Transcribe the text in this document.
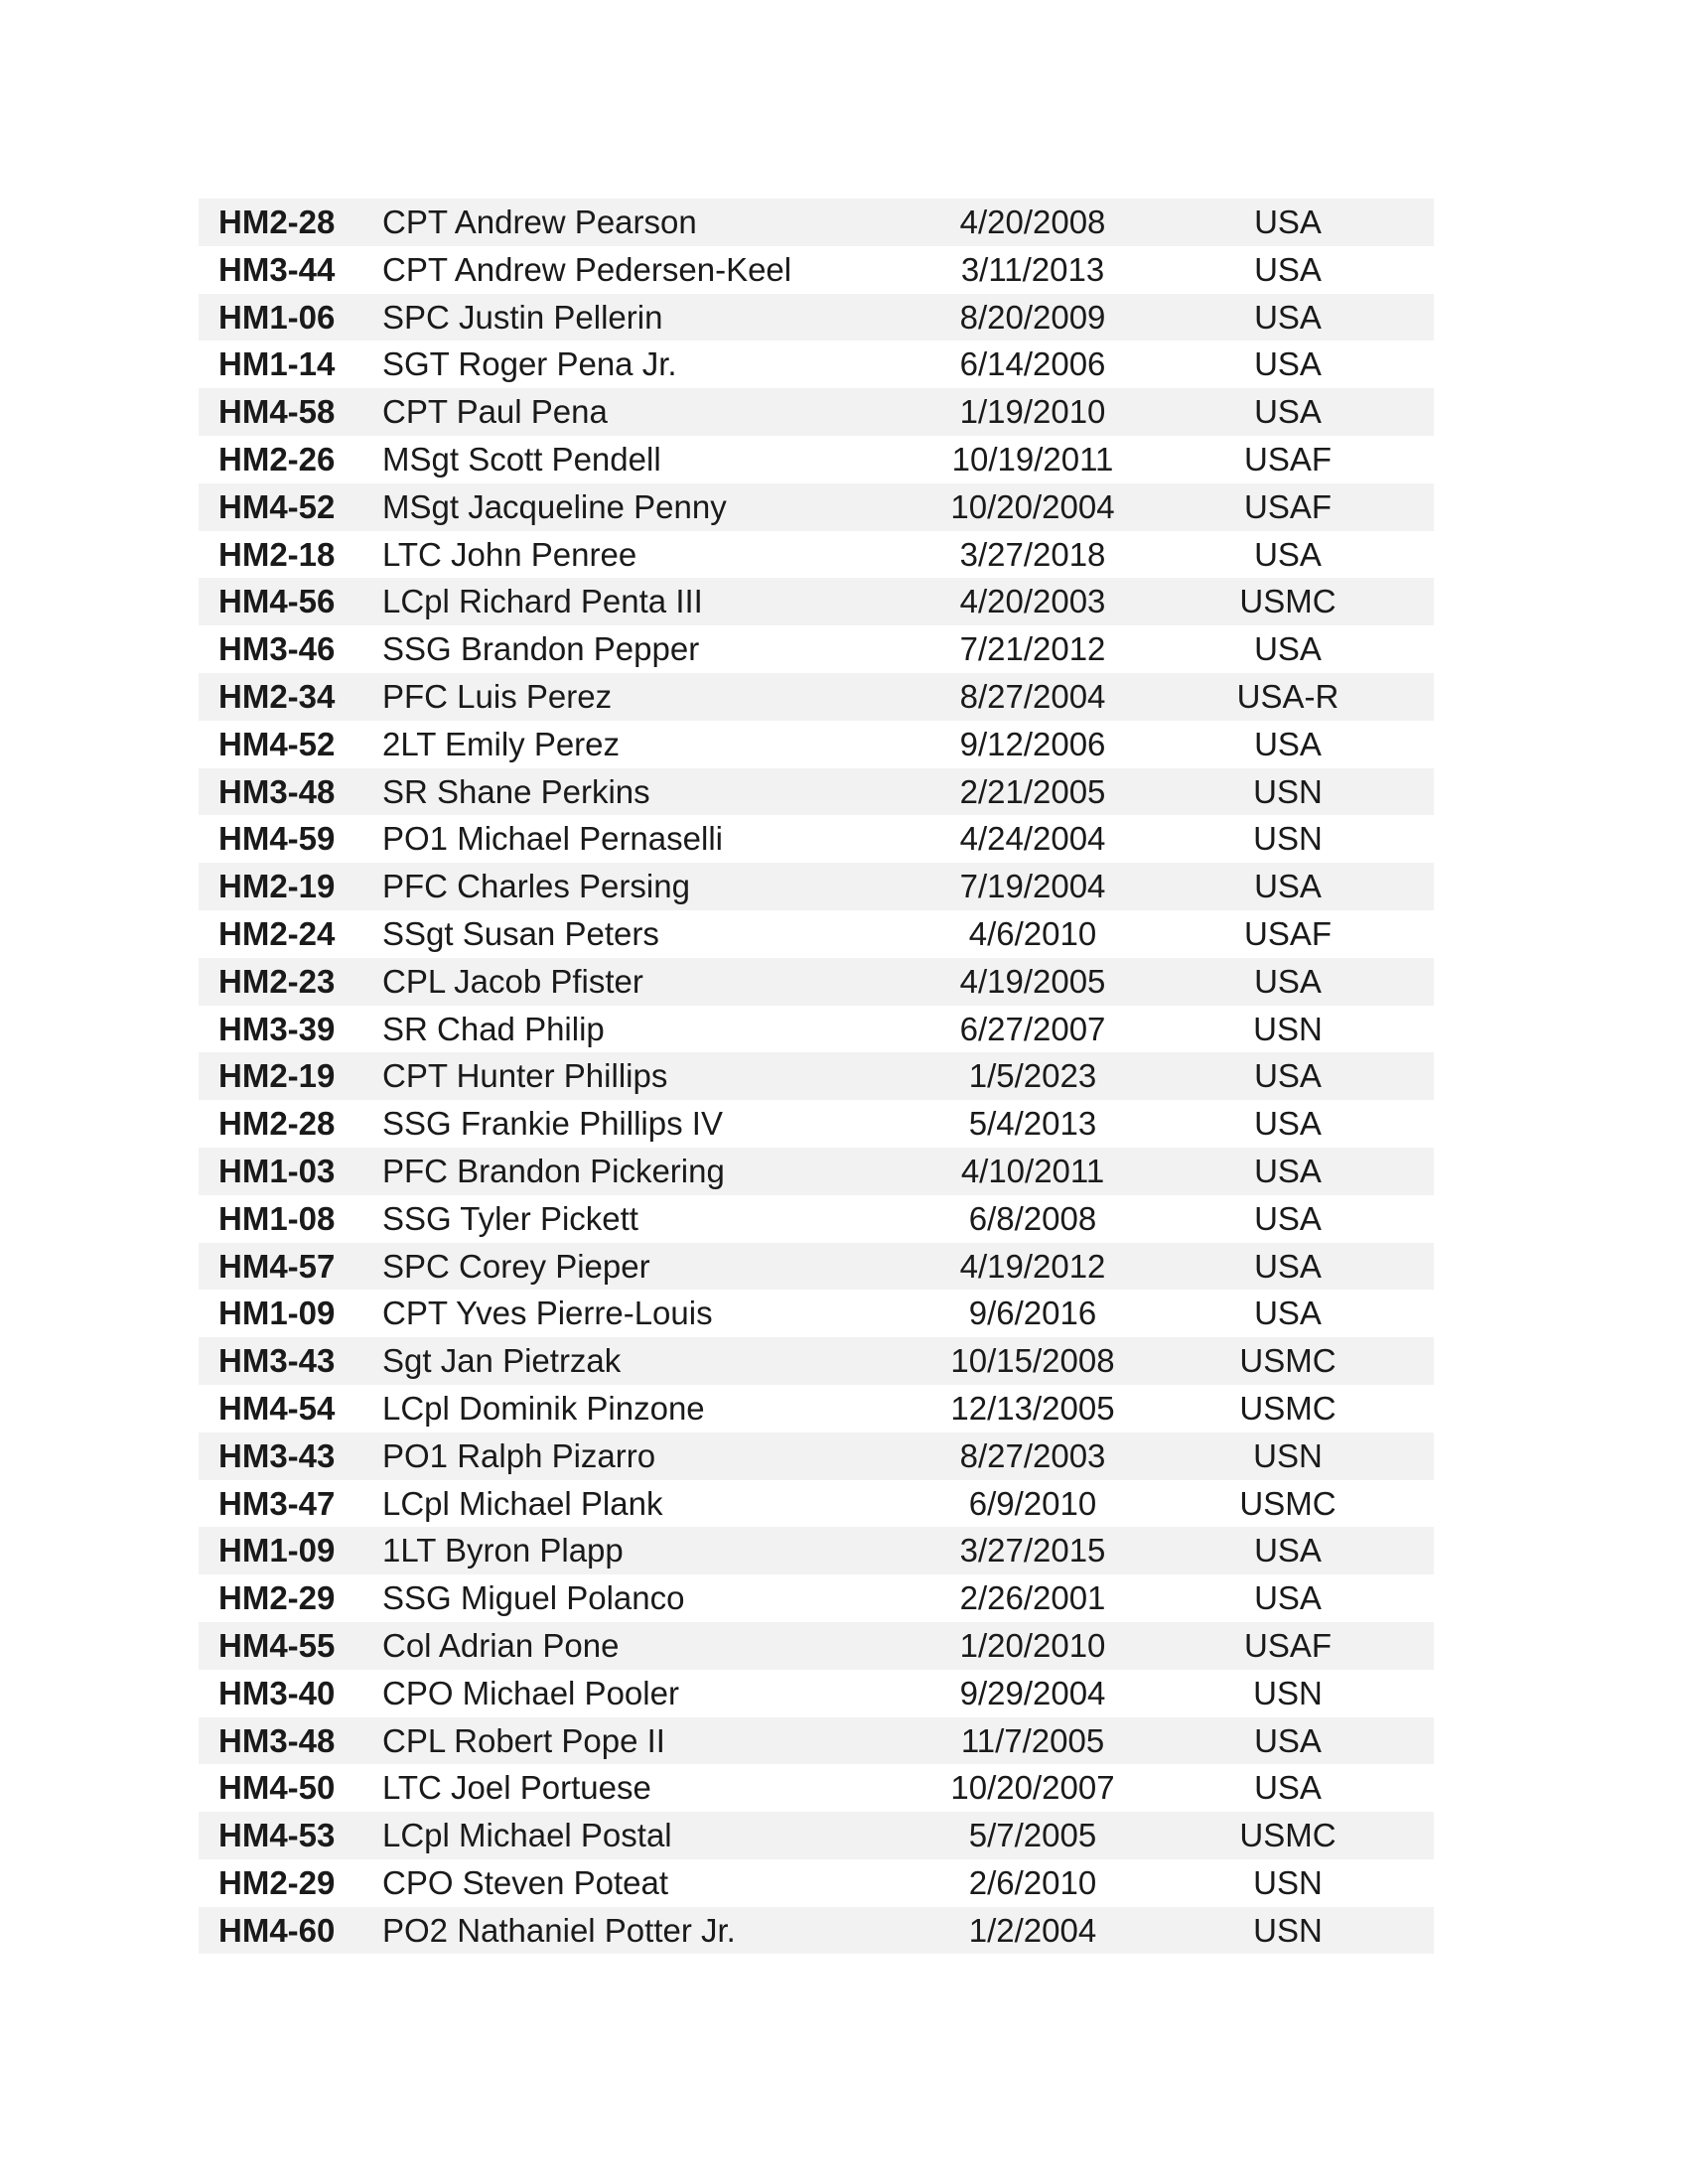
HM2-28	CPT Andrew Pearson	4/20/2008	USA
HM3-44	CPT Andrew Pedersen-Keel	3/11/2013	USA
HM1-06	SPC Justin Pellerin	8/20/2009	USA
HM1-14	SGT Roger Pena Jr.	6/14/2006	USA
HM4-58	CPT Paul Pena	1/19/2010	USA
HM2-26	MSgt Scott Pendell	10/19/2011	USAF
HM4-52	MSgt Jacqueline Penny	10/20/2004	USAF
HM2-18	LTC John Penree	3/27/2018	USA
HM4-56	LCpl Richard Penta III	4/20/2003	USMC
HM3-46	SSG Brandon Pepper	7/21/2012	USA
HM2-34	PFC Luis Perez	8/27/2004	USA-R
HM4-52	2LT Emily Perez	9/12/2006	USA
HM3-48	SR Shane Perkins	2/21/2005	USN
HM4-59	PO1 Michael Pernaselli	4/24/2004	USN
HM2-19	PFC Charles Persing	7/19/2004	USA
HM2-24	SSgt Susan Peters	4/6/2010	USAF
HM2-23	CPL Jacob Pfister	4/19/2005	USA
HM3-39	SR Chad Philip	6/27/2007	USN
HM2-19	CPT Hunter Phillips	1/5/2023	USA
HM2-28	SSG Frankie Phillips IV	5/4/2013	USA
HM1-03	PFC Brandon Pickering	4/10/2011	USA
HM1-08	SSG Tyler Pickett	6/8/2008	USA
HM4-57	SPC Corey Pieper	4/19/2012	USA
HM1-09	CPT Yves Pierre-Louis	9/6/2016	USA
HM3-43	Sgt Jan Pietrzak	10/15/2008	USMC
HM4-54	LCpl Dominik Pinzone	12/13/2005	USMC
HM3-43	PO1 Ralph Pizarro	8/27/2003	USN
HM3-47	LCpl Michael Plank	6/9/2010	USMC
HM1-09	1LT Byron Plapp	3/27/2015	USA
HM2-29	SSG Miguel Polanco	2/26/2001	USA
HM4-55	Col Adrian Pone	1/20/2010	USAF
HM3-40	CPO Michael Pooler	9/29/2004	USN
HM3-48	CPL Robert Pope II	11/7/2005	USA
HM4-50	LTC Joel Portuese	10/20/2007	USA
HM4-53	LCpl Michael Postal	5/7/2005	USMC
HM2-29	CPO Steven Poteat	2/6/2010	USN
HM4-60	PO2 Nathaniel Potter Jr.	1/2/2004	USN
